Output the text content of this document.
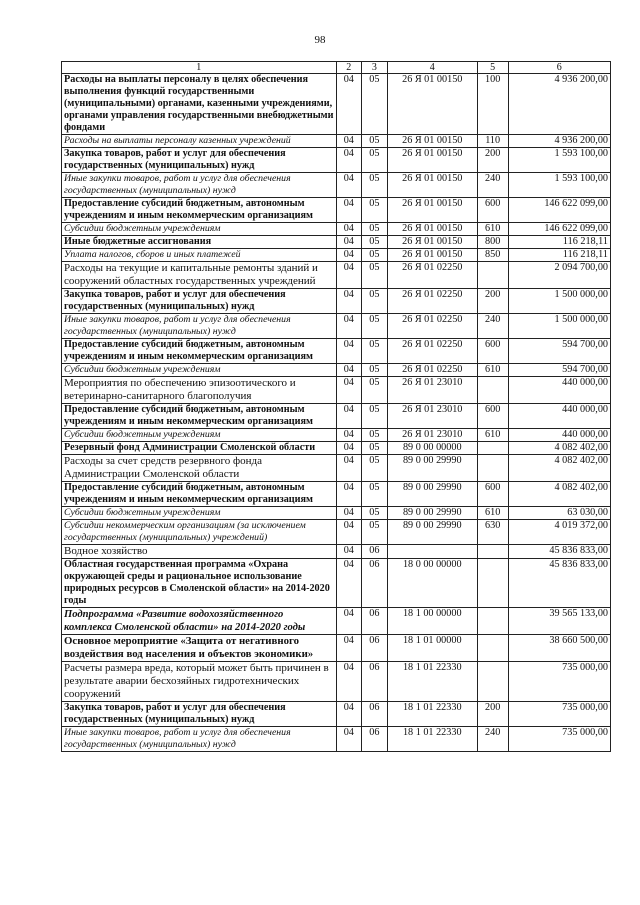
98
1	2	3	4	5	6
Расходы на выплаты персоналу в целях обеспечения выполнения функций государственными (муниципальными) органами, казенными учреждениями, органами управления государственными внебюджетными фондами	04	05	26 Я 01 00150	100	4 936 200,00
Расходы на выплаты персоналу казенных учреждений	04	05	26 Я 01 00150	110	4 936 200,00
Закупка товаров, работ и услуг для обеспечения государственных (муниципальных) нужд	04	05	26 Я 01 00150	200	1 593 100,00
Иные закупки товаров, работ и услуг для обеспечения государственных (муниципальных) нужд	04	05	26 Я 01 00150	240	1 593 100,00
Предоставление субсидий бюджетным, автономным учреждениям и иным некоммерческим организациям	04	05	26 Я 01 00150	600	146 622 099,00
Субсидии бюджетным учреждениям	04	05	26 Я 01 00150	610	146 622 099,00
Иные бюджетные ассигнования	04	05	26 Я 01 00150	800	116 218,11
Уплата налогов, сборов и иных платежей	04	05	26 Я 01 00150	850	116 218,11
Расходы на текущие и капитальные ремонты зданий и сооружений областных государственных учреждений	04	05	26 Я 01 02250		2 094 700,00
Закупка товаров, работ и услуг для обеспечения государственных (муниципальных) нужд	04	05	26 Я 01 02250	200	1 500 000,00
Иные закупки товаров, работ и услуг для обеспечения государственных (муниципальных) нужд	04	05	26 Я 01 02250	240	1 500 000,00
Предоставление субсидий бюджетным, автономным учреждениям и иным некоммерческим организациям	04	05	26 Я 01 02250	600	594 700,00
Субсидии бюджетным учреждениям	04	05	26 Я 01 02250	610	594 700,00
Мероприятия по обеспечению эпизоотического и ветеринарно-санитарного благополучия	04	05	26 Я 01 23010		440 000,00
Предоставление субсидий бюджетным, автономным учреждениям и иным некоммерческим организациям	04	05	26 Я 01 23010	600	440 000,00
Субсидии бюджетным учреждениям	04	05	26 Я 01 23010	610	440 000,00
Резервный фонд Администрации Смоленской области	04	05	89 0 00 00000		4 082 402,00
Расходы за счет средств резервного фонда Администрации Смоленской области	04	05	89 0 00 29990		4 082 402,00
Предоставление субсидий бюджетным, автономным учреждениям и иным некоммерческим организациям	04	05	89 0 00 29990	600	4 082 402,00
Субсидии бюджетным учреждениям	04	05	89 0 00 29990	610	63 030,00
Субсидии некоммерческим организациям (за исключением государственных (муниципальных) учреждений)	04	05	89 0 00 29990	630	4 019 372,00
Водное хозяйство	04	06			45 836 833,00
Областная государственная программа «Охрана окружающей среды и рациональное использование природных ресурсов в Смоленской области» на 2014-2020 годы	04	06	18 0 00 00000		45 836 833,00
Подпрограмма «Развитие водохозяйственного комплекса Смоленской области» на 2014-2020 годы	04	06	18 1 00 00000		39 565 133,00
Основное мероприятие «Защита от негативного воздействия вод населения и объектов экономики»	04	06	18 1 01 00000		38 660 500,00
Расчеты размера вреда, который может быть причинен в результате аварии бесхозяйных гидротехнических сооружений	04	06	18 1 01 22330		735 000,00
Закупка товаров, работ и услуг для обеспечения государственных (муниципальных) нужд	04	06	18 1 01 22330	200	735 000,00
Иные закупки товаров, работ и услуг для обеспечения государственных (муниципальных) нужд	04	06	18 1 01 22330	240	735 000,00
